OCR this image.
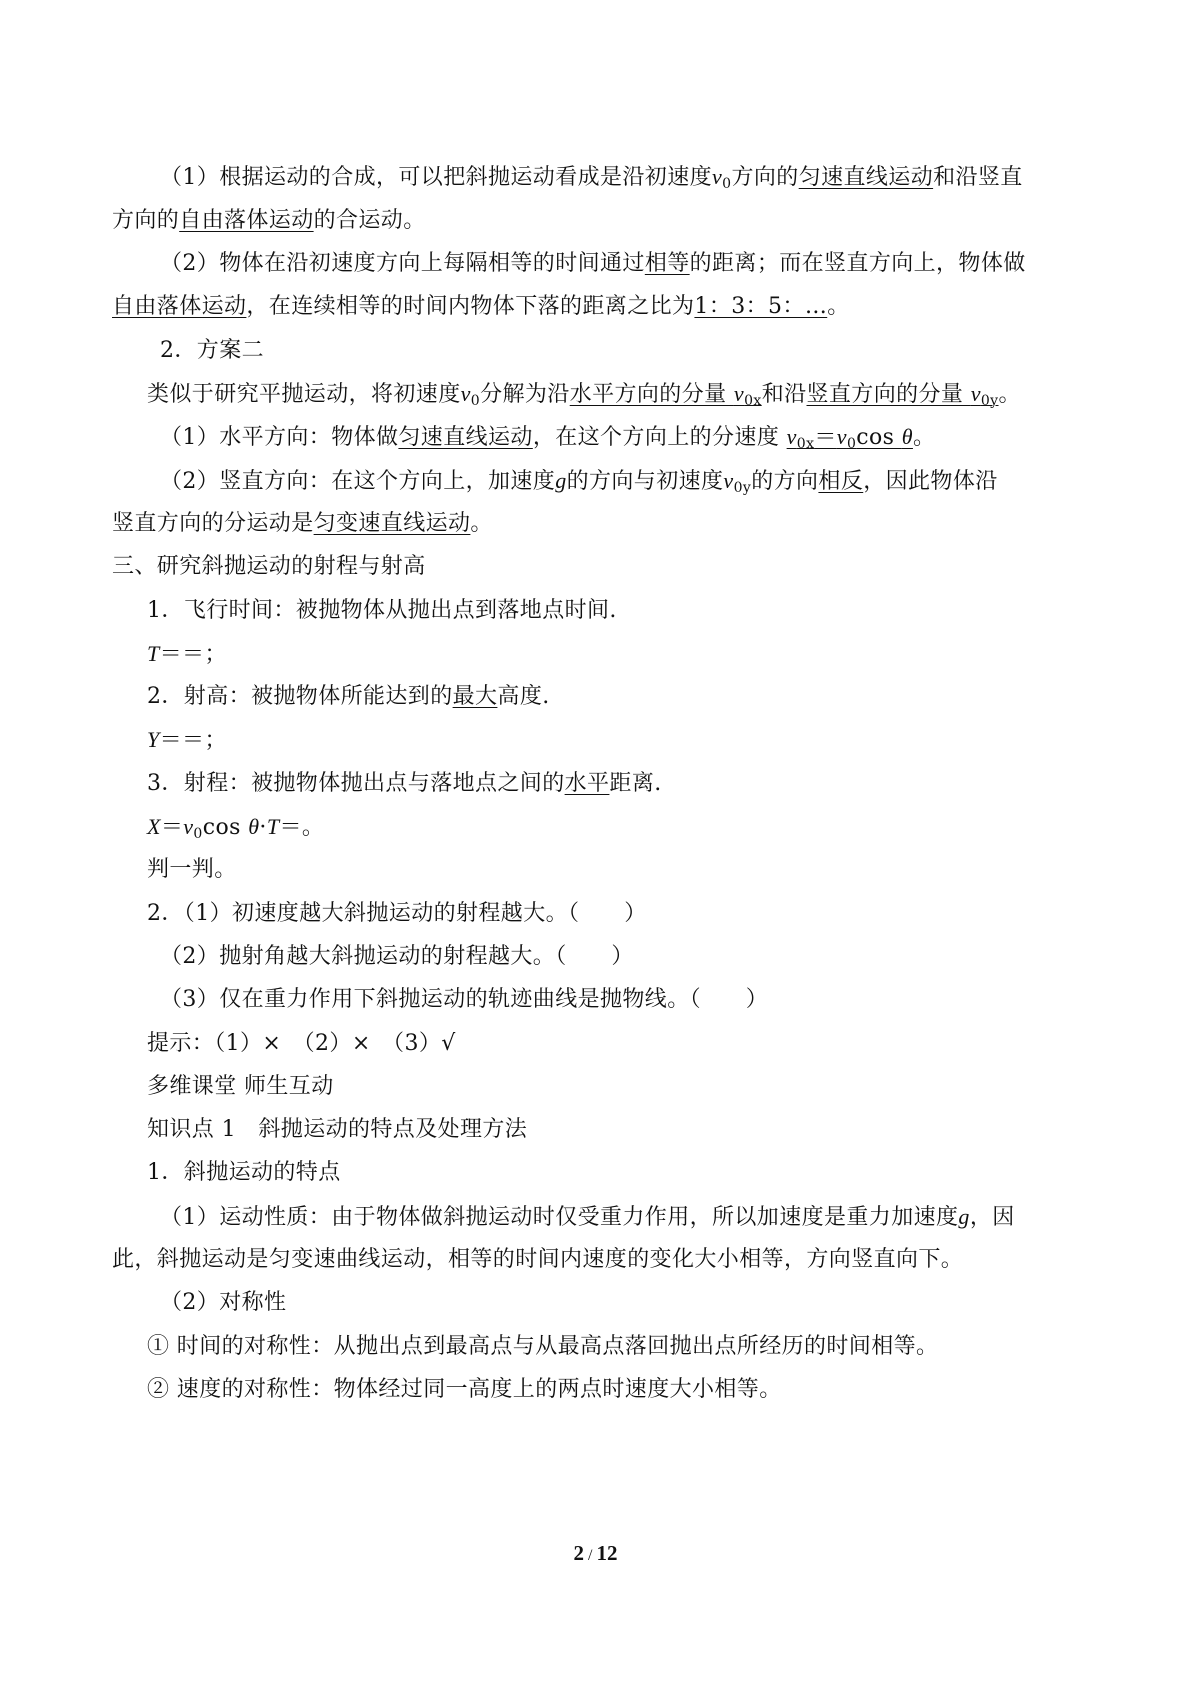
（1）根据运动的合成，可以把斜抛运动看成是沿初速度$v_0$方向的匀速直线运动和沿竖直
方向的自由落体运动的合运动。
（2）物体在沿初速度方向上每隔相等的时间通过相等的距离；而在竖直方向上，物体做
自由落体运动，在连续相等的时间内物体下落的距离之比为1：3：5：…。
2．方案二
类似于研究平抛运动，将初速度$v_0$分解为沿水平方向的分量 $v_{0x}$和沿竖直方向的分量 $v_{0y}$。
（1）水平方向：物体做匀速直线运动，在这个方向上的分速度 $v_{0x}=v_0\cos$ θ。
（2）竖直方向：在这个方向上，加速度g的方向与初速度$v_{0y}$的方向相反，因此物体沿
竖直方向的分运动是匀变速直线运动。
三、研究斜抛运动的射程与射高
1．飞行时间：被抛物体从抛出点到落地点时间.
T＝＝；
2．射高：被抛物体所能达到的最大高度.
Y＝＝；
3．射程：被抛物体抛出点与落地点之间的水平距离.
$X=v_0\cos$ θ·T＝。
判一判。
2．（1）初速度越大斜抛运动的射程越大。（　　）
（2）抛射角越大斜抛运动的射程越大。（　　）
（3）仅在重力作用下斜抛运动的轨迹曲线是抛物线。（　　）
提示：（1）×　（2）×　（3）√
多维课堂 师生互动
知识点 1　斜抛运动的特点及处理方法
1．斜抛运动的特点
（1）运动性质：由于物体做斜抛运动时仅受重力作用，所以加速度是重力加速度g，因
此，斜抛运动是匀变速曲线运动，相等的时间内速度的变化大小相等，方向竖直向下。
（2）对称性
① 时间的对称性：从抛出点到最高点与从最高点落回抛出点所经历的时间相等。
② 速度的对称性：物体经过同一高度上的两点时速度大小相等。
2 / 12
